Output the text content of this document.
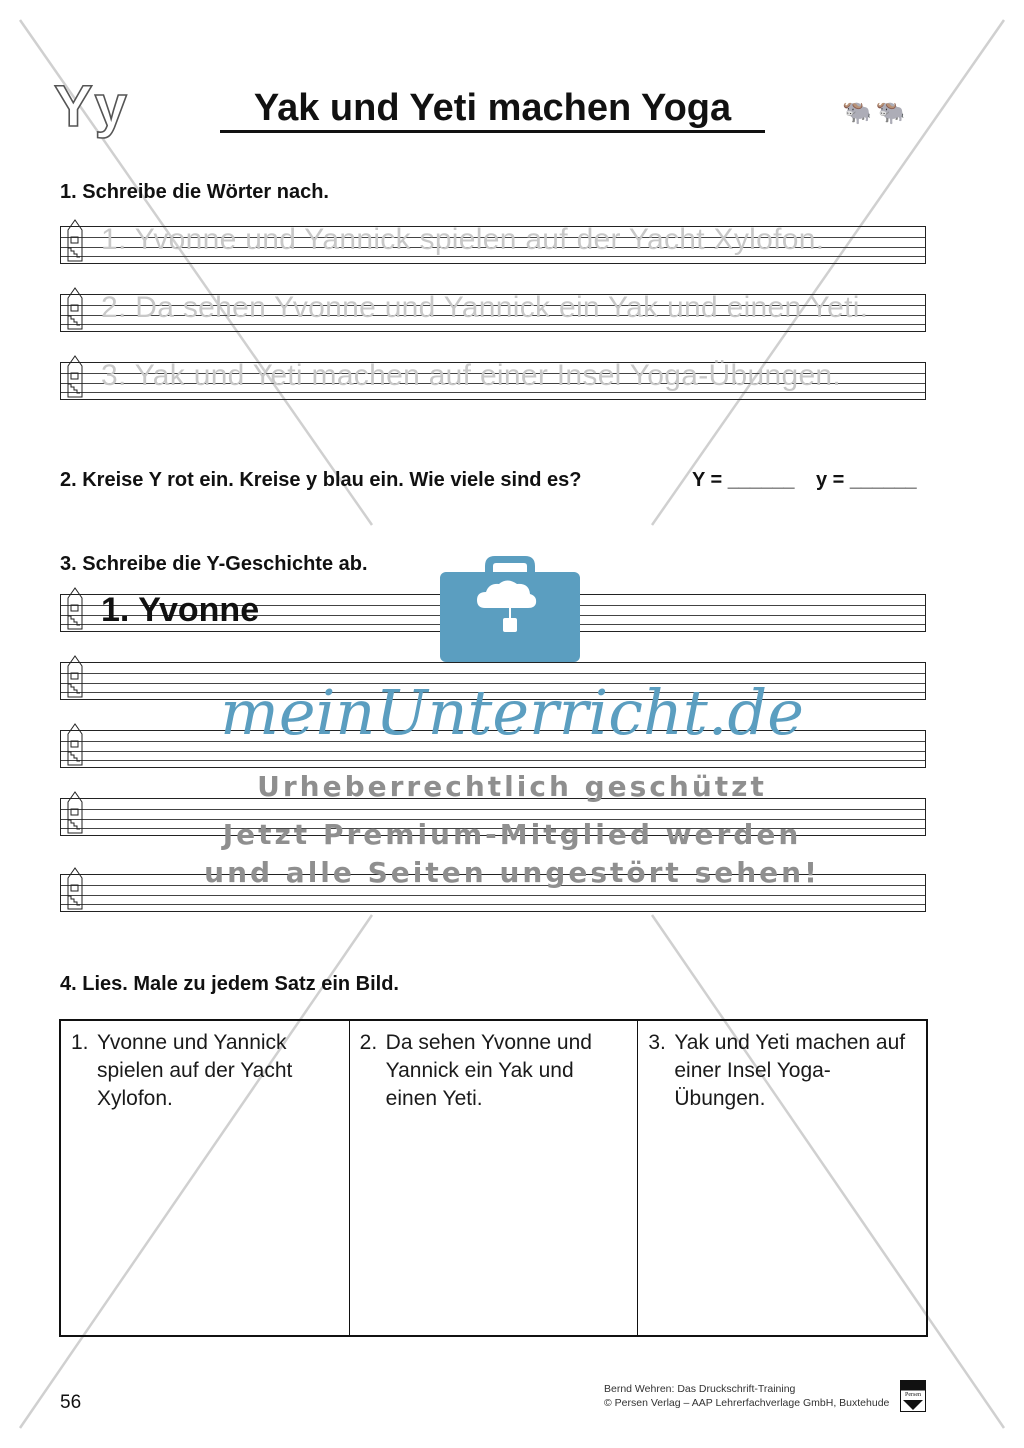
Yy	Yak und Yeti machen Yoga	🐃🐃
1. Schreibe die Wörter nach.
1. Yvonne und Yannick spielen auf der Yacht Xylofon.
2. Da sehen Yvonne und Yannick ein Yak und einen Yeti.
3. Yak und Yeti machen auf einer Insel Yoga-Übungen.
2. Kreise Y rot ein. Kreise y blau ein. Wie viele sind es?	Y = ______ y = ______
3. Schreibe die Y-Geschichte ab.
1. Yvonne
4. Lies. Male zu jedem Satz ein Bild.
1. Yvonne und Yannick spielen auf der Yacht Xylofon.
2. Da sehen Yvonne und Yannick ein Yak und einen Yeti.
3. Yak und Yeti machen auf einer Insel Yoga-Übungen.
meinUnterricht.de
Urheberrechtlich geschützt
Jetzt Premium-Mitglied werden
und alle Seiten ungestört sehen!
56
Bernd Wehren: Das Druckschrift-Training
© Persen Verlag – AAP Lehrerfachverlage GmbH, Buxtehude
Persen
